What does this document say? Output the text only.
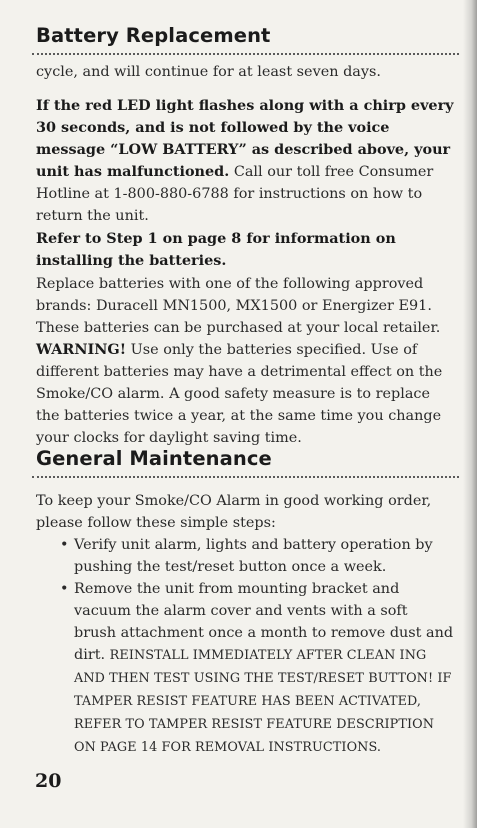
Battery Replacement

cycle, and will continue for at least seven days.

If the red LED light flashes along with a chirp every 30 seconds, and is not followed by the voice message “LOW BATTERY” as described above, your unit has malfunctioned. Call our toll free Consumer Hotline at 1-800-880-6788 for instructions on how to return the unit.

Refer to Step 1 on page 8 for information on installing the batteries.

Replace batteries with one of the following approved brands: Duracell MN1500, MX1500 or Energizer E91. These batteries can be purchased at your local retailer. WARNING! Use only the batteries specified. Use of different batteries may have a detrimental effect on the Smoke/CO alarm. A good safety measure is to replace the batteries twice a year, at the same time you change your clocks for daylight saving time.

General Maintenance

To keep your Smoke/CO Alarm in good working order, please follow these simple steps:

• Verify unit alarm, lights and battery operation by pushing the test/reset button once a week.
• Remove the unit from mounting bracket and vacuum the alarm cover and vents with a soft brush attachment once a month to remove dust and dirt. REINSTALL IMMEDIATELY AFTER CLEAN ING AND THEN TEST USING THE TEST/RESET BUTTON! IF TAMPER RESIST FEATURE HAS BEEN ACTIVATED, REFER TO TAMPER RESIST FEATURE DESCRIPTION ON PAGE 14 FOR REMOVAL INSTRUCTIONS.

20
